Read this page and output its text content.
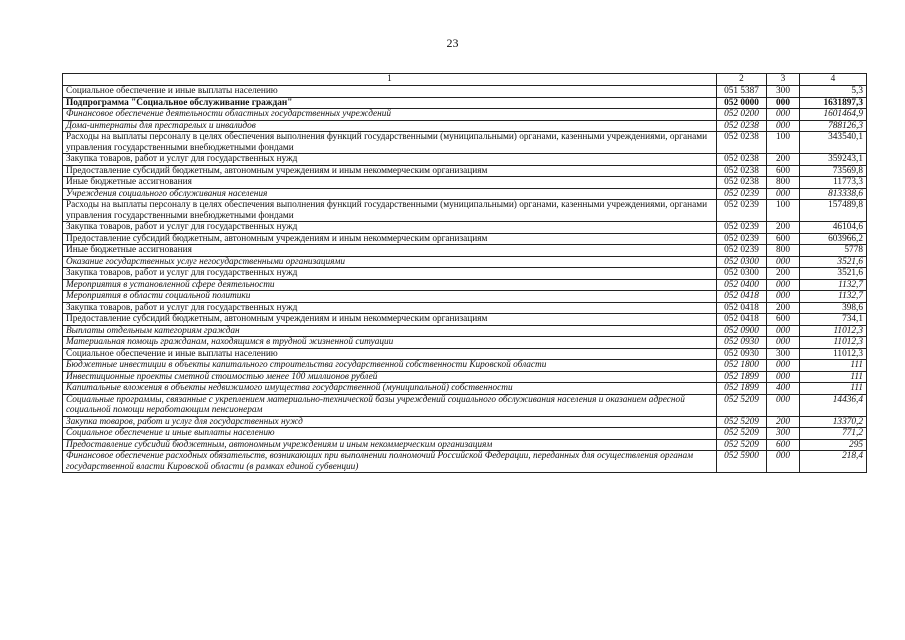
23
1	2	3	4
Социальное обеспечение и иные выплаты населению	051 5387	300	5,3
Подпрограмма "Социальное обслуживание граждан"	052 0000	000	1631897,3
Финансовое обеспечение деятельности областных государственных учреждений	052 0200	000	1601464,9
Дома-интернаты для престарелых и инвалидов	052 0238	000	788126,3
Расходы на выплаты персоналу в целях обеспечения выполнения функций государственными (муниципальными) органами, казенными учреждениями, органами управления государственными внебюджетными фондами	052 0238	100	343540,1
Закупка товаров, работ и услуг для государственных нужд	052 0238	200	359243,1
Предоставление субсидий бюджетным, автономным учреждениям и иным некоммерческим организациям	052 0238	600	73569,8
Иные бюджетные ассигнования	052 0238	800	11773,3
Учреждения социального обслуживания населения	052 0239	000	813338,6
Расходы на выплаты персоналу в целях обеспечения выполнения функций государственными (муниципальными) органами, казенными учреждениями, органами управления государственными внебюджетными фондами	052 0239	100	157489,8
Закупка товаров, работ и услуг для государственных нужд	052 0239	200	46104,6
Предоставление субсидий бюджетным, автономным учреждениям и иным некоммерческим организациям	052 0239	600	603966,2
Иные бюджетные ассигнования	052 0239	800	5778
Оказание государственных услуг негосударственными организациями	052 0300	000	3521,6
Закупка товаров, работ и услуг для государственных нужд	052 0300	200	3521,6
Мероприятия в установленной сфере деятельности	052 0400	000	1132,7
Мероприятия в области социальной политики	052 0418	000	1132,7
Закупка товаров, работ и услуг для государственных нужд	052 0418	200	398,6
Предоставление субсидий бюджетным, автономным учреждениям и иным некоммерческим организациям	052 0418	600	734,1
Выплаты отдельным категориям граждан	052 0900	000	11012,3
Материальная помощь гражданам, находящимся в трудной жизненной ситуации	052 0930	000	11012,3
Социальное обеспечение и иные выплаты населению	052 0930	300	11012,3
Бюджетные инвестиции в объекты капитального строительства государственной собственности Кировской области	052 1800	000	111
Инвестиционные проекты сметной стоимостью менее 100 миллионов рублей	052 1899	000	111
Капитальные вложения в объекты недвижимого имущества государственной (муниципальной) собственности	052 1899	400	111
Социальные программы, связанные с укреплением материально-технической базы учреждений социального обслуживания населения и оказанием адресной социальной помощи неработающим пенсионерам	052 5209	000	14436,4
Закупка товаров, работ и услуг для государственных нужд	052 5209	200	13370,2
Социальное обеспечение и иные выплаты населению	052 5209	300	771,2
Предоставление субсидий бюджетным, автономным учреждениям и иным некоммерческим организациям	052 5209	600	295
Финансовое обеспечение расходных обязательств, возникающих при выполнении полномочий Российской Федерации, переданных для осуществления органам государственной власти Кировской области (в рамках единой субвенции)	052 5900	000	218,4
